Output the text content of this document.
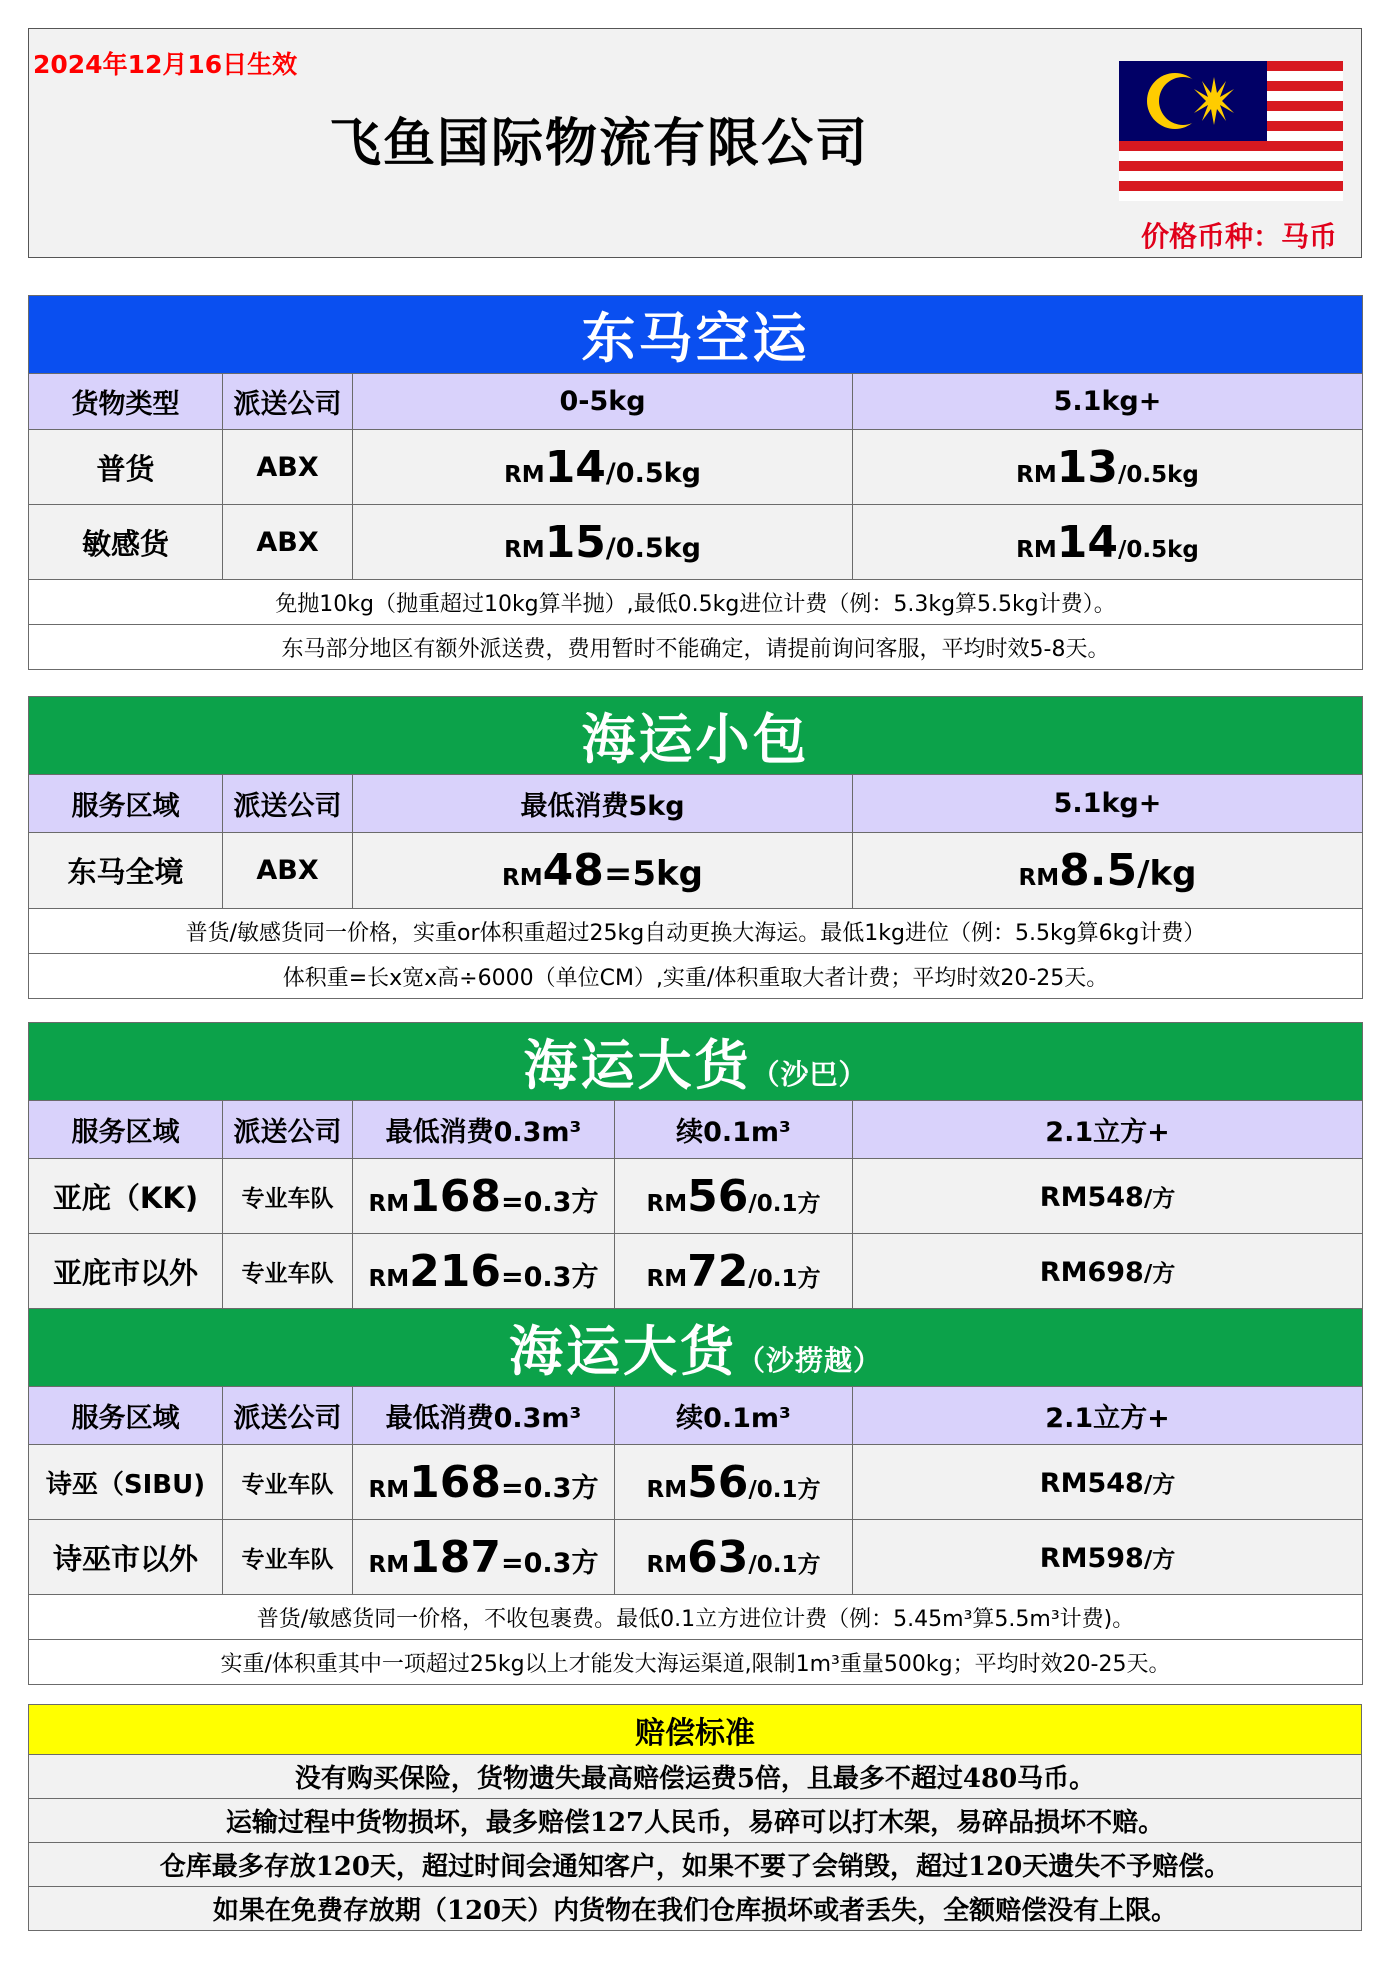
2024年12月16日生效
飞鱼国际物流有限公司
价格币种：马币
东马空运			
货物类型	派送公司	0-5kg	5.1kg+
普货	ABX	RM14/0.5kg	RM13/0.5kg
敏感货	ABX	RM15/0.5kg	RM14/0.5kg
免抛10kg（抛重超过10kg算半抛）,最低0.5kg进位计费（例：5.3kg算5.5kg计费）。			
东马部分地区有额外派送费，费用暂时不能确定，请提前询问客服，平均时效5-8天。			
海运小包			
服务区域	派送公司	最低消费5kg	5.1kg+
东马全境	ABX	RM48=5kg	RM8.5/kg
普货/敏感货同一价格，实重or体积重超过25kg自动更换大海运。最低1kg进位（例：5.5kg算6kg计费）			
体积重=长x宽x高÷6000（单位CM）,实重/体积重取大者计费；平均时效20-25天。			
海运大货（沙巴）				
服务区域	派送公司	最低消费0.3m³	续0.1m³	2.1立方+
亚庇（KK)	专业车队	RM168=0.3方	RM56/0.1方	RM548/方
亚庇市以外	专业车队	RM216=0.3方	RM72/0.1方	RM698/方
海运大货（沙捞越）				
服务区域	派送公司	最低消费0.3m³	续0.1m³	2.1立方+
诗巫（SIBU)	专业车队	RM168=0.3方	RM56/0.1方	RM548/方
诗巫市以外	专业车队	RM187=0.3方	RM63/0.1方	RM598/方
普货/敏感货同一价格，不收包裹费。最低0.1立方进位计费（例：5.45m³算5.5m³计费)。				
实重/体积重其中一项超过25kg以上才能发大海运渠道,限制1m³重量500kg；平均时效20-25天。				
赔偿标准
没有购买保险，货物遗失最高赔偿运费5倍，且最多不超过480马币。
运输过程中货物损坏，最多赔偿127人民币，易碎可以打木架，易碎品损坏不赔。
仓库最多存放120天，超过时间会通知客户，如果不要了会销毁，超过120天遗失不予赔偿。
如果在免费存放期（120天）内货物在我们仓库损坏或者丢失，全额赔偿没有上限。
